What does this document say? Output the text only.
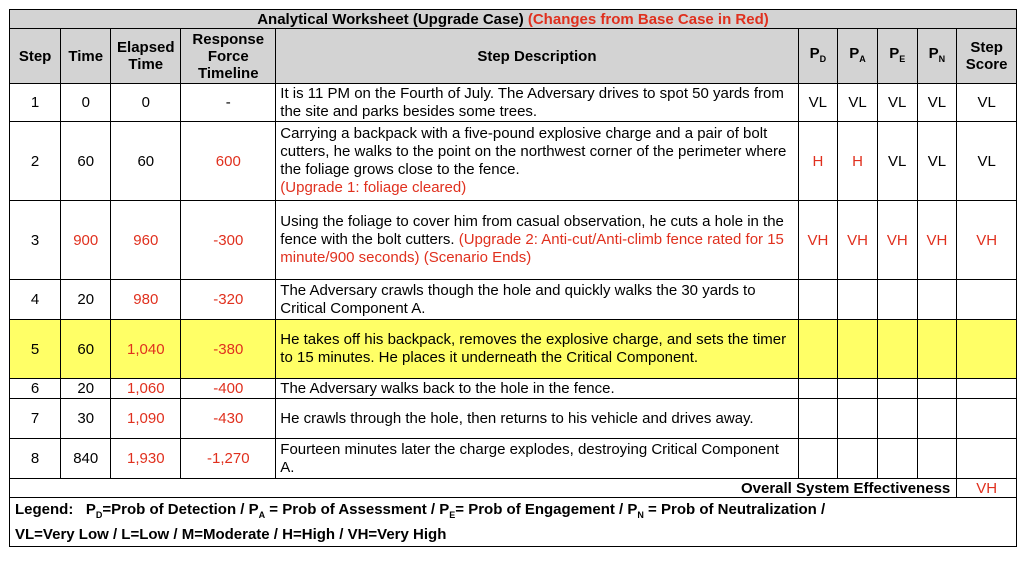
Analytical Worksheet (Upgrade Case) (Changes from Base Case in Red)									
Step	Time	Elapsed Time	Response Force Timeline	Step Description	$P_D$	$P_A$	$P_E$	$P_N$	Step Score
1	0	0	-	It is 11 PM on the Fourth of July. The Adversary drives to spot 50 yards from the site and parks besides some trees.	VL	VL	VL	VL	VL
2	60	60	600	Carrying a backpack with a five-pound explosive charge and a pair of bolt cutters, he walks to the point on the northwest corner of the perimeter where the foliage grows close to the fence.
(Upgrade 1: foliage cleared)	H	H	VL	VL	VL
3	900	960	-300	Using the foliage to cover him from casual observation, he cuts a hole in the fence with the bolt cutters. (Upgrade 2: Anti-cut/Anti-climb fence rated for 15 minute/900 seconds) (Scenario Ends)	VH	VH	VH	VH	VH
4	20	980	-320	The Adversary crawls though the hole and quickly walks the 30 yards to Critical Component A.					
5	60	1,040	-380	He takes off his backpack, removes the explosive charge, and sets the timer to 15 minutes. He places it underneath the Critical Component.					
6	20	1,060	-400	The Adversary walks back to the hole in the fence.					
7	30	1,090	-430	He crawls through the hole, then returns to his vehicle and drives away.					
8	840	1,930	-1,270	Fourteen minutes later the charge explodes, destroying Critical Component A.					
Overall System Effectiveness									VH
Legend:   $P_D=Prob$ of Detection / $P_A$ = Prob of Assessment / $P_E=$ Prob of Engagement / $P_N$ = Prob of Neutralization /
VL=Very Low / L=Low / M=Moderate / H=High / VH=Very High									
